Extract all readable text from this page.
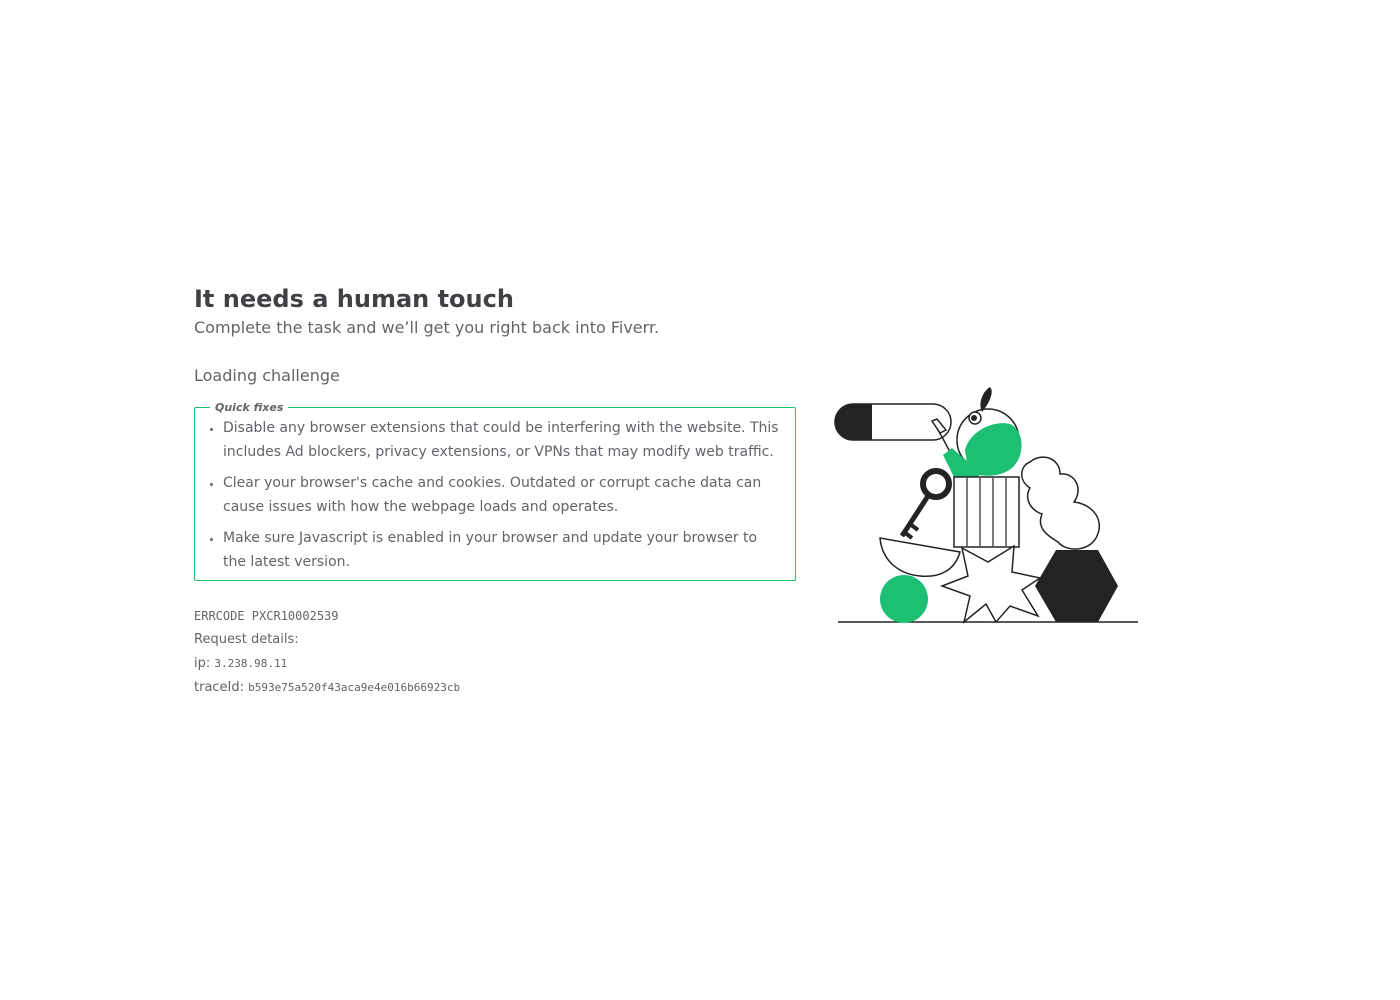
It needs a human touch
Complete the task and we’ll get you right back into Fiverr.
Loading challenge
Quick fixes
• Disable any browser extensions that could be interfering with the website. This includes Ad blockers, privacy extensions, or VPNs that may modify web traffic.
• Clear your browser's cache and cookies. Outdated or corrupt cache data can cause issues with how the webpage loads and operates.
• Make sure Javascript is enabled in your browser and update your browser to the latest version.
ERRCODE PXCR10002539
Request details:
ip: 3.238.98.11
traceId: b593e75a520f43aca9e4e016b66923cb
